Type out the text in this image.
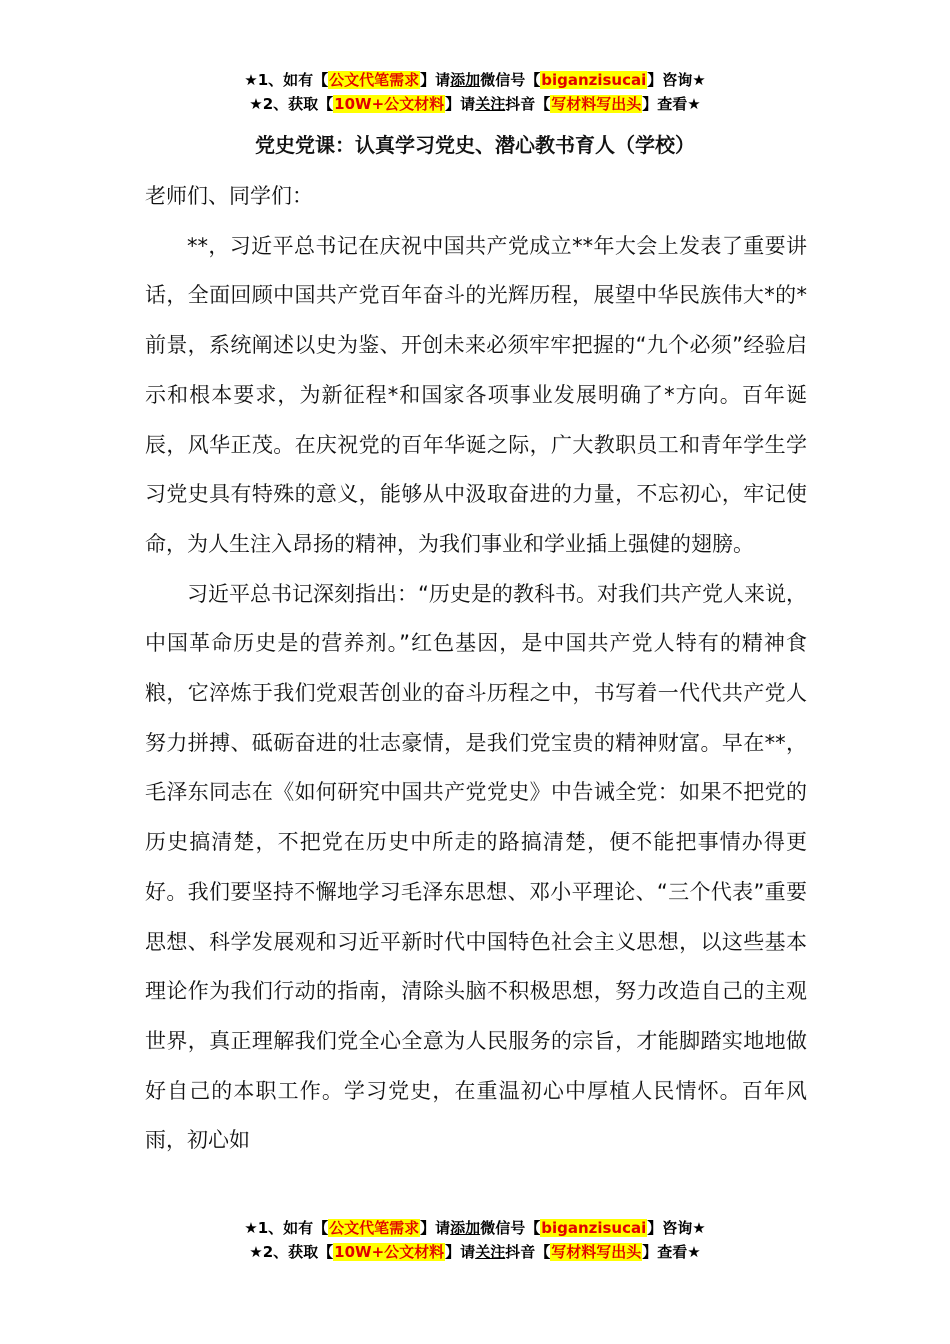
★1、如有【公文代笔需求】请添加微信号【biganzisucai】咨询★
★2、获取【10W+公文材料】请关注抖音【写材料写出头】查看★
党史党课：认真学习党史、潜心教书育人（学校）

老师们、同学们：

**，习近平总书记在庆祝中国共产党成立**年大会上发表了重要讲话，全面回顾中国共产党百年奋斗的光辉历程，展望中华民族伟大*的*前景，系统阐述以史为鉴、开创未来必须牢牢把握的“九个必须”经验启示和根本要求，为新征程*和国家各项事业发展明确了*方向。百年诞辰，风华正茂。在庆祝党的百年华诞之际，广大教职员工和青年学生学习党史具有特殊的意义，能够从中汲取奋进的力量，不忘初心，牢记使命，为人生注入昂扬的精神，为我们事业和学业插上强健的翅膀。

习近平总书记深刻指出：“历史是的教科书。对我们共产党人来说，中国革命历史是的营养剂。”红色基因，是中国共产党人特有的精神食粮，它淬炼于我们党艰苦创业的奋斗历程之中，书写着一代代共产党人努力拼搏、砥砺奋进的壮志豪情，是我们党宝贵的精神财富。早在**，毛泽东同志在《如何研究中国共产党党史》中告诫全党：如果不把党的历史搞清楚，不把党在历史中所走的路搞清楚，便不能把事情办得更好。我们要坚持不懈地学习毛泽东思想、邓小平理论、“三个代表”重要思想、科学发展观和习近平新时代中国特色社会主义思想，以这些基本理论作为我们行动的指南，清除头脑不积极思想，努力改造自己的主观世界，真正理解我们党全心全意为人民服务的宗旨，才能脚踏实地地做好自己的本职工作。学习党史，在重温初心中厚植人民情怀。百年风雨，初心如

★1、如有【公文代笔需求】请添加微信号【biganzisucai】咨询★
★2、获取【10W+公文材料】请关注抖音【写材料写出头】查看★
